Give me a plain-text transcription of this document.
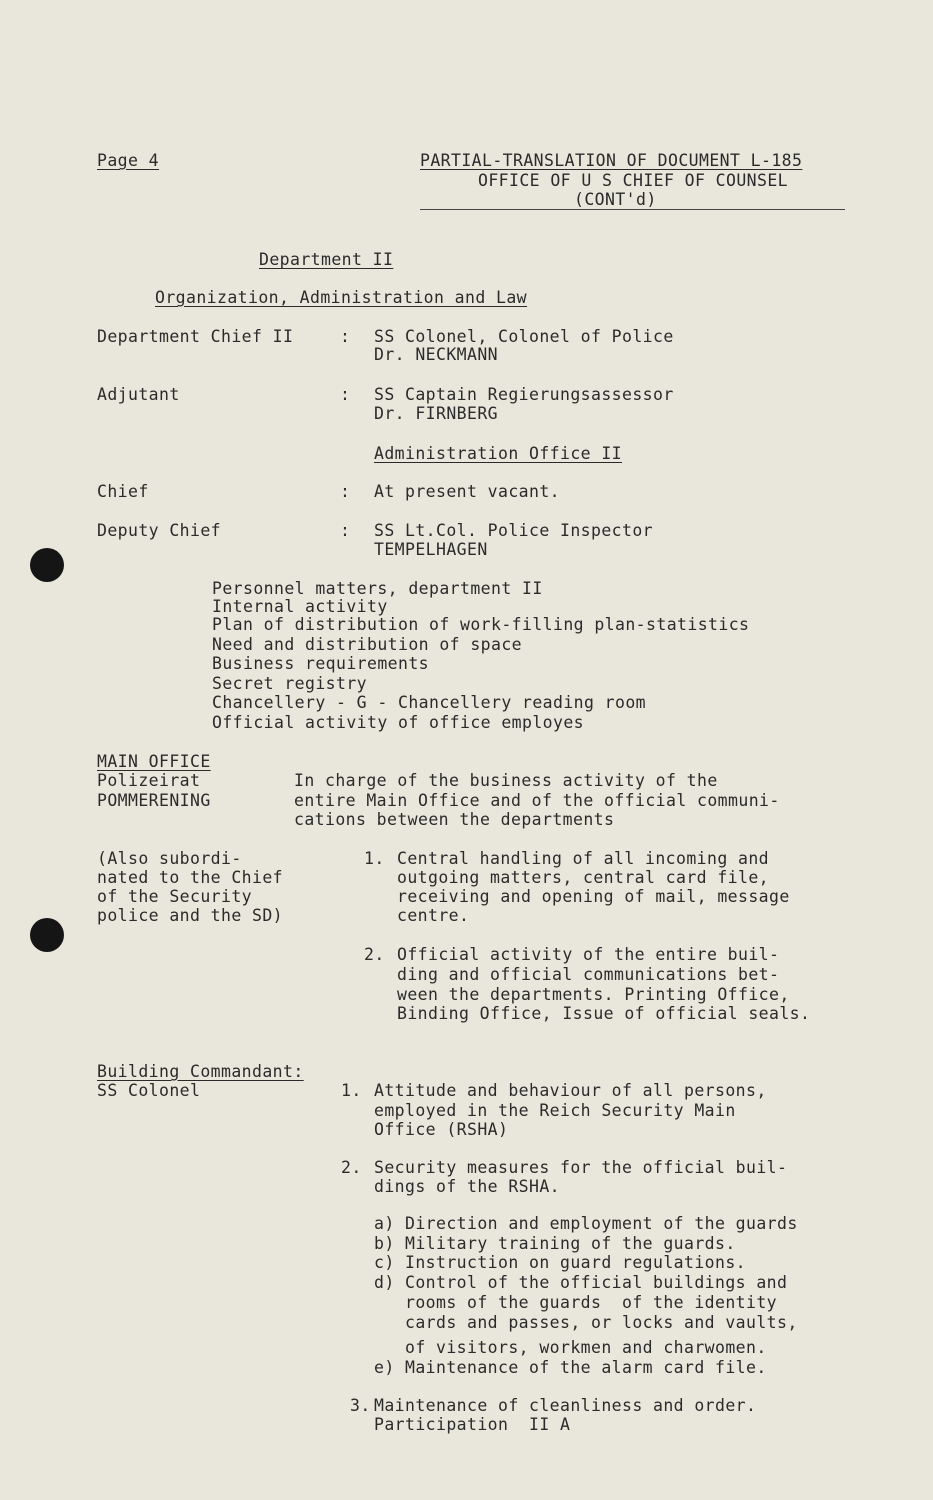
Page 4	PARTIAL-TRANSLATION OF DOCUMENT L-185
OFFICE OF U S CHIEF OF COUNSEL
(CONT'd)
Department II
Organization, Administration and Law
Department Chief II	: SS Colonel, Colonel of Police
Dr. NECKMANN
Adjutant	: SS Captain Regierungsassessor
Dr. FIRNBERG
Administration Office II
Chief	: At present vacant.
Deputy Chief	: SS Lt.Col. Police Inspector
TEMPELHAGEN
Personnel matters, department II
Internal activity
Plan of distribution of work-filling plan-statistics
Need and distribution of space
Business requirements
Secret registry
Chancellery - G - Chancellery reading room
Official activity of office employes
MAIN OFFICE
Polizeirat
POMMERENING
In charge of the business activity of the
entire Main Office and of the official communi-
cations between the departments
(Also subordi-
nated to the Chief
of the Security
police and the SD)
1. Central handling of all incoming and
outgoing matters, central card file,
receiving and opening of mail, message
centre.
2. Official activity of the entire buil-
ding and official communications bet-
ween the departments. Printing Office,
Binding Office, Issue of official seals.
Building Commandant:
SS Colonel	1. Attitude and behaviour of all persons,
employed in the Reich Security Main
Office (RSHA)
2. Security measures for the official buil-
dings of the RSHA.
a) Direction and employment of the guards
b) Military training of the guards.
c) Instruction on guard regulations.
d) Control of the official buildings and
rooms of the guards  of the identity
cards and passes, or locks and vaults,
of visitors, workmen and charwomen.
e) Maintenance of the alarm card file.
3. Maintenance of cleanliness and order.
Participation  II A
